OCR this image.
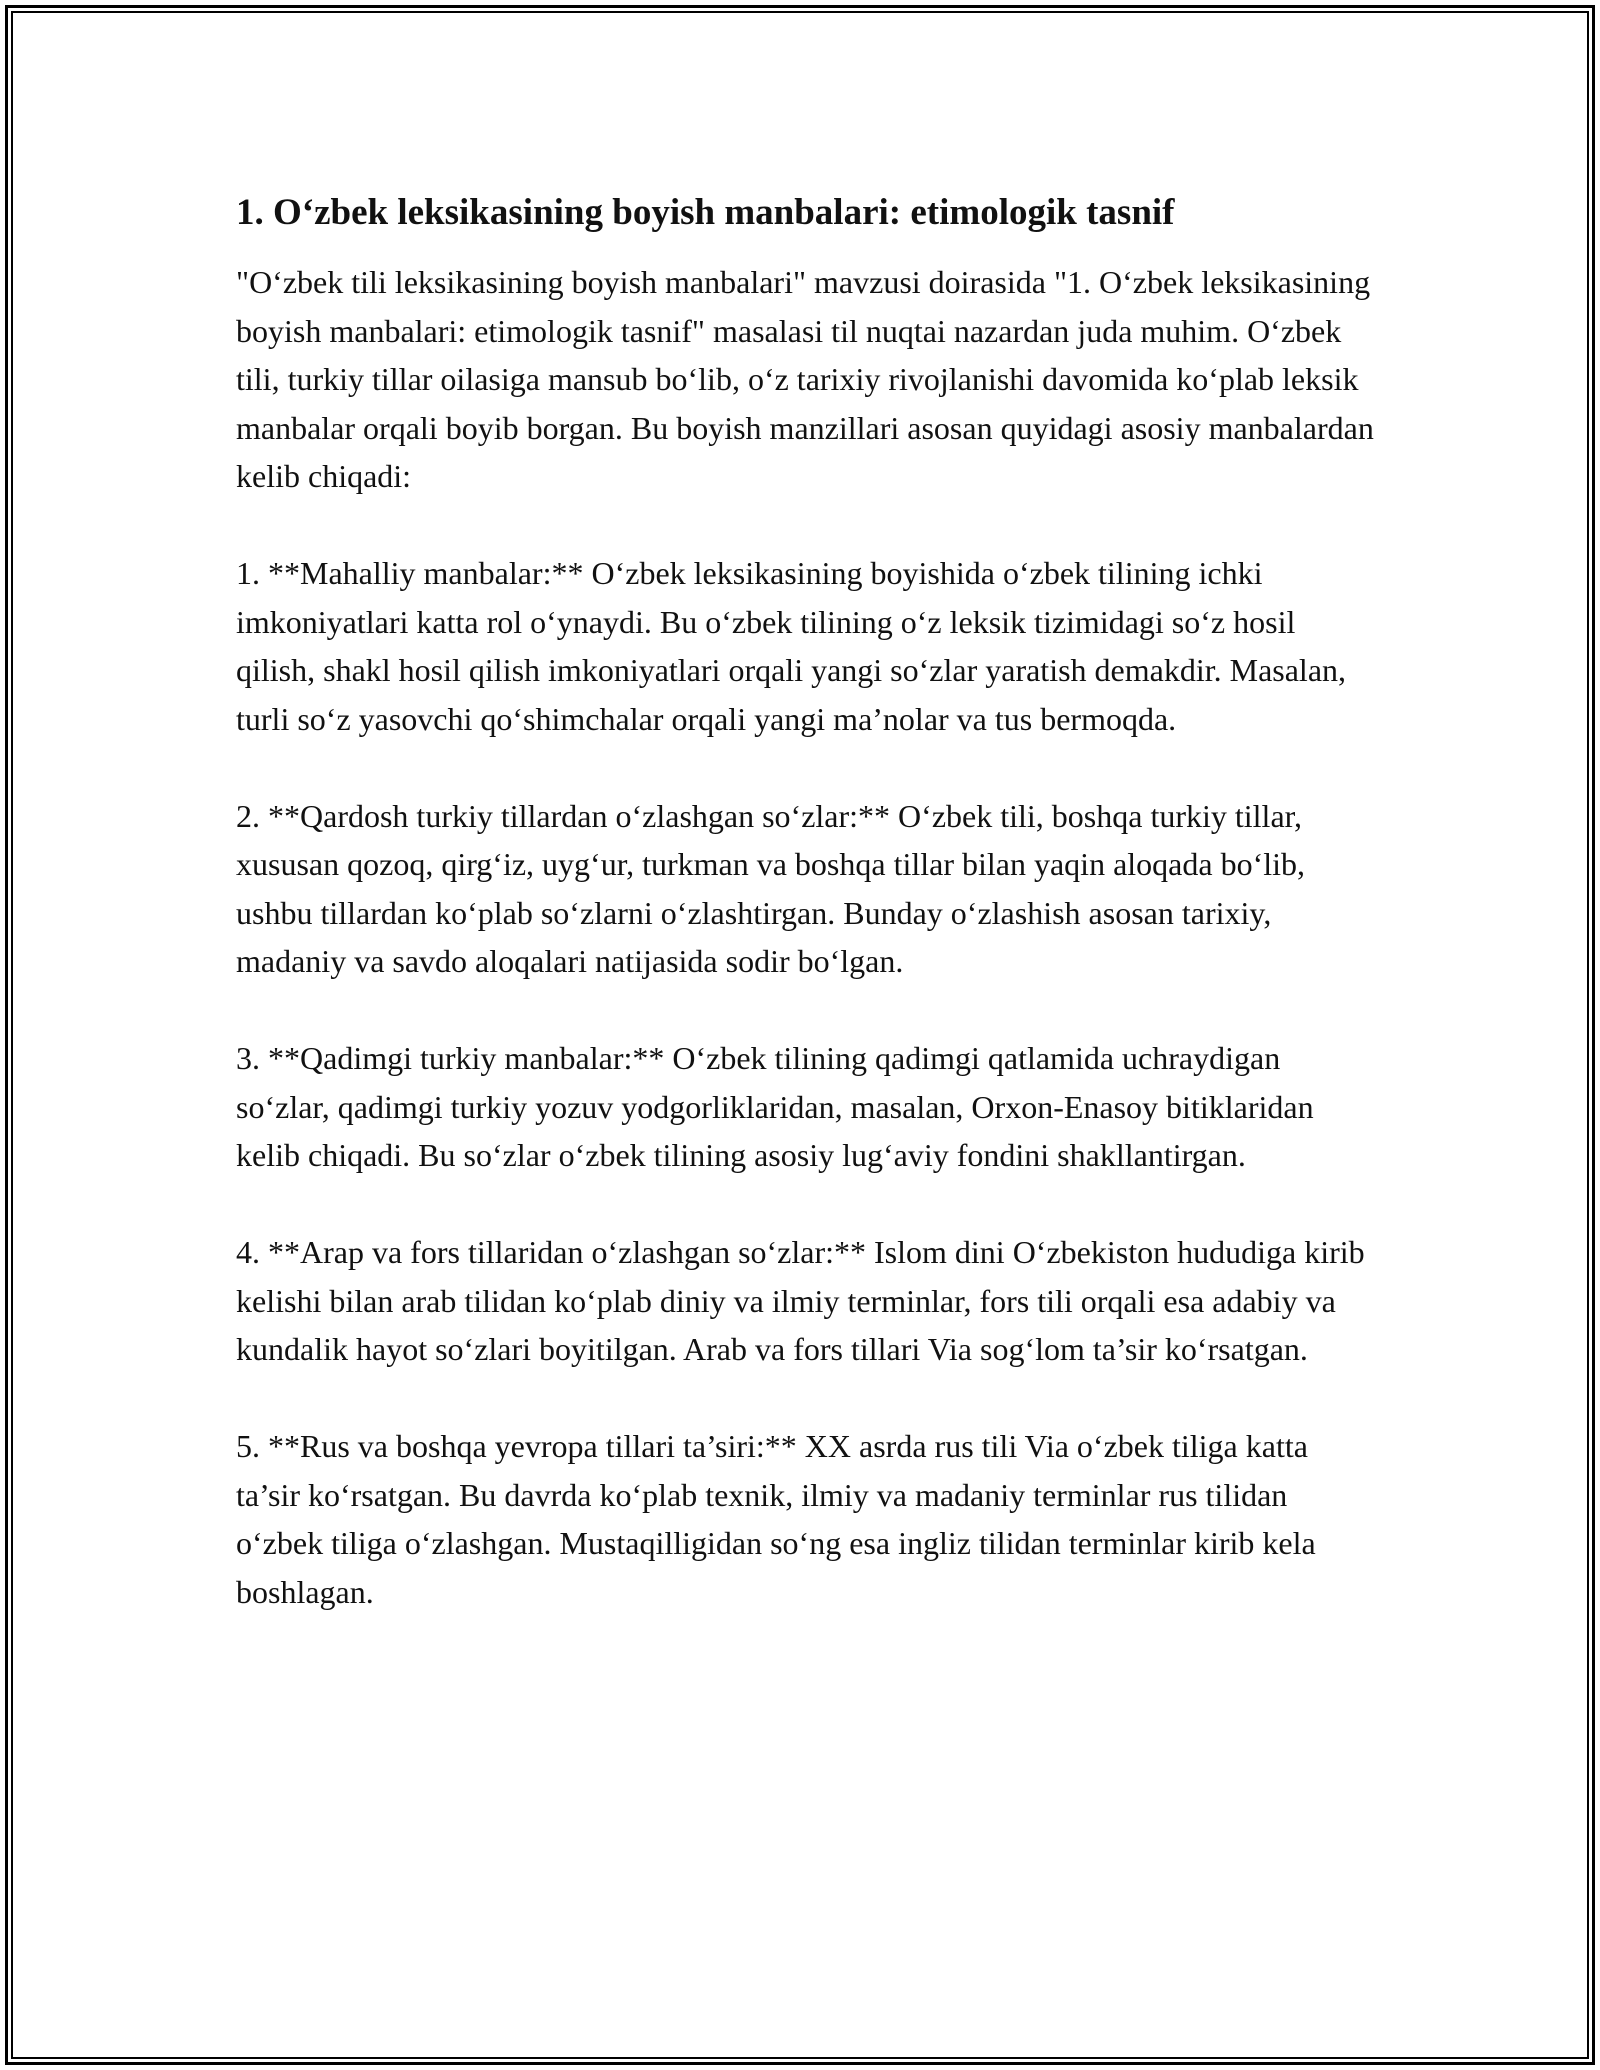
1. O‘zbek leksikasining boyish manbalari: etimologik tasnif

"O‘zbek tili leksikasining boyish manbalari" mavzusi doirasida "1. O‘zbek leksikasining boyish manbalari: etimologik tasnif" masalasi til nuqtai nazardan juda muhim. O‘zbek tili, turkiy tillar oilasiga mansub bo‘lib, o‘z tarixiy rivojlanishi davomida ko‘plab leksik manbalar orqali boyib borgan. Bu boyish manzillari asosan quyidagi asosiy manbalardan kelib chiqadi:

1. **Mahalliy manbalar:** O‘zbek leksikasining boyishida o‘zbek tilining ichki imkoniyatlari katta rol o‘ynaydi. Bu o‘zbek tilining o‘z leksik tizimidagi so‘z hosil qilish, shakl hosil qilish imkoniyatlari orqali yangi so‘zlar yaratish demakdir. Masalan, turli so‘z yasovchi qo‘shimchalar orqali yangi ma’nolar va tus bermoqda.

2. **Qardosh turkiy tillardan o‘zlashgan so‘zlar:** O‘zbek tili, boshqa turkiy tillar, xususan qozoq, qirg‘iz, uyg‘ur, turkman va boshqa tillar bilan yaqin aloqada bo‘lib, ushbu tillardan ko‘plab so‘zlarni o‘zlashtirgan. Bunday o‘zlashish asosan tarixiy, madaniy va savdo aloqalari natijasida sodir bo‘lgan.

3. **Qadimgi turkiy manbalar:** O‘zbek tilining qadimgi qatlamida uchraydigan so‘zlar, qadimgi turkiy yozuv yodgorliklaridan, masalan, Orxon-Enasoy bitiklaridan kelib chiqadi. Bu so‘zlar o‘zbek tilining asosiy lug‘aviy fondini shakllantirgan.

4. **Arap va fors tillaridan o‘zlashgan so‘zlar:** Islom dini O‘zbekiston hududiga kirib kelishi bilan arab tilidan ko‘plab diniy va ilmiy terminlar, fors tili orqali esa adabiy va kundalik hayot so‘zlari boyitilgan. Arab va fors tillari Via sog‘lom ta’sir ko‘rsatgan.

5. **Rus va boshqa yevropa tillari ta’siri:** XX asrda rus tili Via o‘zbek tiliga katta ta’sir ko‘rsatgan. Bu davrda ko‘plab texnik, ilmiy va madaniy terminlar rus tilidan o‘zbek tiliga o‘zlashgan. Mustaqilligidan so‘ng esa ingliz tilidan terminlar kirib kela boshlagan.
